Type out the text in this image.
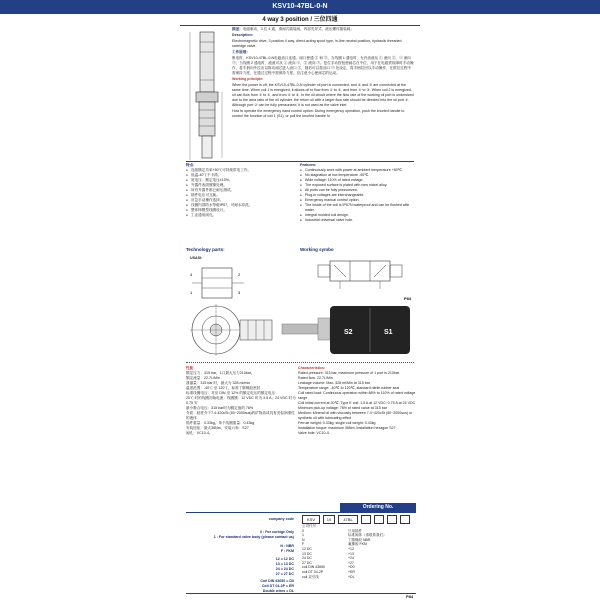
KSV10-47BL-0-N
4 way 3 position / 三位四通

描述：电磁驱动，3 位 4 通，滑阀式插装阀，内部先导式，液压螺纹插装阀。

Description:

Electromagnetic drive, 3 position 4 way, direct-acting spool type, in-line neutral position, hydraulic threaded cartridge valve.

工作原理：

断电时，KSV10-47BL-0-N电磁油口连通，阀口使通 ② 和 ③，当线圈 1 通电时，允许油液从 ① 流向 ②，④ 流向 ③；当线圈 2 通电时，液流可从 ① 流向 ④，② 流向 ③。复位手动按钮使阀芯在中位，用于在电磁铁故障时手动操作，将手柄向外拉出以推动阀芯进入油口 ②，随后可以将油口 ③ 处设定，将手柄拉回以手动操作，在推拉过程中需保持力度，在通过过程中需保持力度。应注意小心使阀芯的运动。

Working principle:

When the power is off, the KSV10-47BL-0-N cylinder oil port is connected, and ② and ③ are connected at the same time. When coil 1 is energized, it allows oil to flow from ① to ②, and from ④ to ③. When coil 2 is energized, oil can flow from ① to ④, and from ② to ③. In the oil circuit where the flow rate of the working oil port is undersized due to the area ratio of the oil cylinder, the return oil with a larger flow rate should be directed into the oil port ②. Although port ② can be fully pressurized, it is not used as the valve inlet.

How to operate the emergency hand control option: During emergency operation, push the knurled handle to control the function of coil 1 (S1), or pull the knurled handle to

特点：
● 连续额定功率+50℃可持续带电工作。
● 低温-40℃不卡滞。
● 宽电压：额定电压±10%。
● 外露件表面镀镍处理。
● 所有外露件都已耐压测试。
● 插件电压可互换。
● 应急手动操作选择。
● 线圈内部防水等级IP67，可耐水冲洗。
● 整体铸模型线圈设计。
● 工业通用阀孔。
Features:
● Continuously work with power at ambient temperature +80℃.
● No stagnation at low temperature -40℃.
● Wide voltage: 110% of rated voltage.
● The exposed surface is plated with new nickel alloy.
● All ports can be fully pressurized.
● Plug-in voltages are interchangeable.
● Emergency manual control option.
● The inside of the coil is IP67N waterproof and can be flushed with water.
● Integral molded coil design.
● Industrial universal valve hole.
Technology parts:	Working symbo
USASI:
4
1
2
3
P83
S2	S1
性能：
额定压力：315 bar，1口最大压力210bar。
额定流量：22.7L/Min
泄漏量：315 bar 时，最大为 328 ml/min
温度范围：-40℃ 至 120℃，标准丁腈橡胶密封
标准线圈电压：对应 DIN 至 12% 的额定电压的额定电压
20℃ 时的线圈初始电流：线圈额：12 VDC 时为 3.5 A；24 VDC 时为 0.75 安
最小吸合电压：315 bar时为额定值的 78%
介质：粘度介于7.4-420cSt (50~2000sus)的矿物油或具有类似润滑性的液体
插件重量：0.33kg。单个线圈重量：0.43kg
安装扭矩：最大38Nm，安装六角：S27
阀孔：VC10-4。
Characteristics:
Rated pressure: 315 bar, maximum pressure of 1 port is 210bar.
Rated flow: 22.7L/Min
Leakage volume: Max. 328 ml/Min at 315 bar
Temperature range: -40℃ to 120℃, standard nitrile rubber seal
Coil rated load: Continuous operation within 88% to 110% of rated voltage range
Coil initial current at 20℃: Type E coil: 1.5 A at 12 VDC; 0.75 A at 24 VDC
Minimum pick-up voltage: 78% of rated value at 315 bar
Medium: Mineral oil with viscosity between 7.4~420cSt (50~2000sus) or synthetic oil with lubricating effect
Ferrule weight: 0.33kg, single coil weight: 0.43kg
Installation torque: maximum 38Nm, installation hexagon S27
Valve hole: VC10-4.
Ordering No.
company code	KSV	10	47BL
0 : For curbige Only
1 : For standard valve body (please contact us)
N : NBR
F : FKM
12 = 12 DC
13 = 13 DC
24 = 24 DC
27 = 27 DC
Coil DIN 43650 = D0
Coil DT 04-2P = ER
Double wires = DL
公司代号
0	只用插件
1	标准阀体（请联系我们）
N	丁腈橡胶 NBR
F	氟橡胶 FKM
12 DC	+12
13 DC	+13
24 DC	+24
27 DC	+27
coil DIN 43650	+D0
coil DT 04-2P	+ER
coil 双引线	+DL
P84
